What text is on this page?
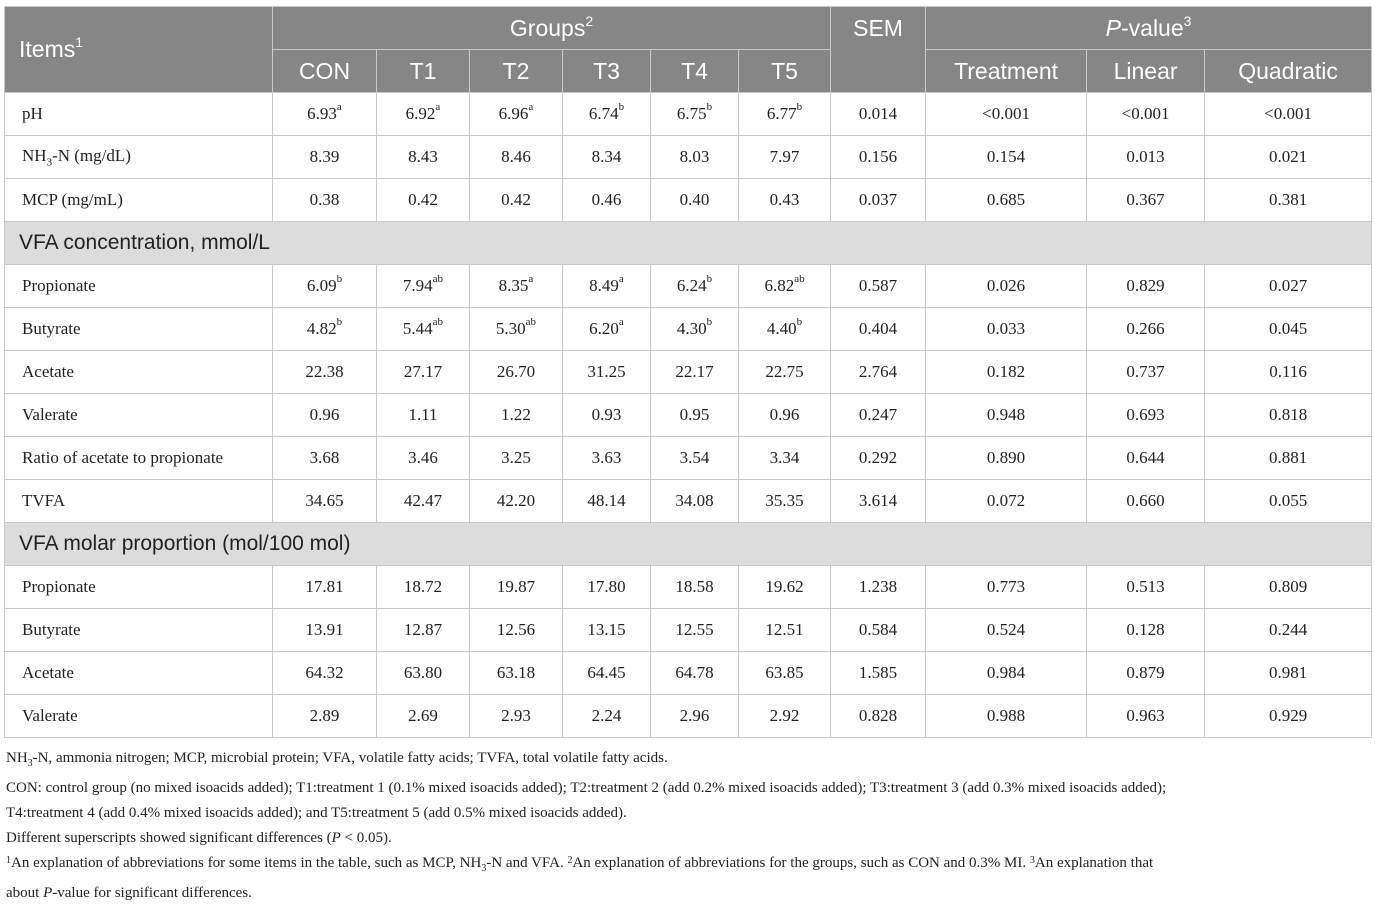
Items$^1$	Groups$^2$						SEM	P-value$^3$
	CON	T1	T2	T3	T4	T5		Treatment	Linear	Quadratic
pH	6.93$^a$	6.92$^a$	6.96$^a$	6.74$^b$	6.75$^b$	6.77$^b$	0.014	<0.001	<0.001	<0.001
$NH_3-N$ (mg/dL)	8.39	8.43	8.46	8.34	8.03	7.97	0.156	0.154	0.013	0.021
MCP (mg/mL)	0.38	0.42	0.42	0.46	0.40	0.43	0.037	0.685	0.367	0.381
VFA concentration, mmol/L										
Propionate	6.09$^b$	7.94$^{ab}$	8.35$^a$	8.49$^a$	6.24$^b$	6.82$^{ab}$	0.587	0.026	0.829	0.027
Butyrate	4.82$^b$	5.44$^{ab}$	5.30$^{ab}$	6.20$^a$	4.30$^b$	4.40$^b$	0.404	0.033	0.266	0.045
Acetate	22.38	27.17	26.70	31.25	22.17	22.75	2.764	0.182	0.737	0.116
Valerate	0.96	1.11	1.22	0.93	0.95	0.96	0.247	0.948	0.693	0.818
Ratio of acetate to propionate	3.68	3.46	3.25	3.63	3.54	3.34	0.292	0.890	0.644	0.881
TVFA	34.65	42.47	42.20	48.14	34.08	35.35	3.614	0.072	0.660	0.055
VFA molar proportion (mol/100 mol)										
Propionate	17.81	18.72	19.87	17.80	18.58	19.62	1.238	0.773	0.513	0.809
Butyrate	13.91	12.87	12.56	13.15	12.55	12.51	0.584	0.524	0.128	0.244
Acetate	64.32	63.80	63.18	64.45	64.78	63.85	1.585	0.984	0.879	0.981
Valerate	2.89	2.69	2.93	2.24	2.96	2.92	0.828	0.988	0.963	0.929
$NH_3-N$, ammonia nitrogen; MCP, microbial protein; VFA, volatile fatty acids; TVFA, total volatile fatty acids.
CON: control group (no mixed isoacids added); T1:treatment 1 (0.1% mixed isoacids added); T2:treatment 2 (add 0.2% mixed isoacids added); T3:treatment 3 (add 0.3% mixed isoacids added);
T4:treatment 4 (add 0.4% mixed isoacids added); and T5:treatment 5 (add 0.5% mixed isoacids added).
Different superscripts showed significant differences (P < 0.05).
$^1$An explanation of abbreviations for some items in the table, such as MCP, $NH_3-N$ and VFA. $^2$An explanation of abbreviations for the groups, such as CON and 0.3% MI. $^3$An explanation that
about P-value for significant differences.
